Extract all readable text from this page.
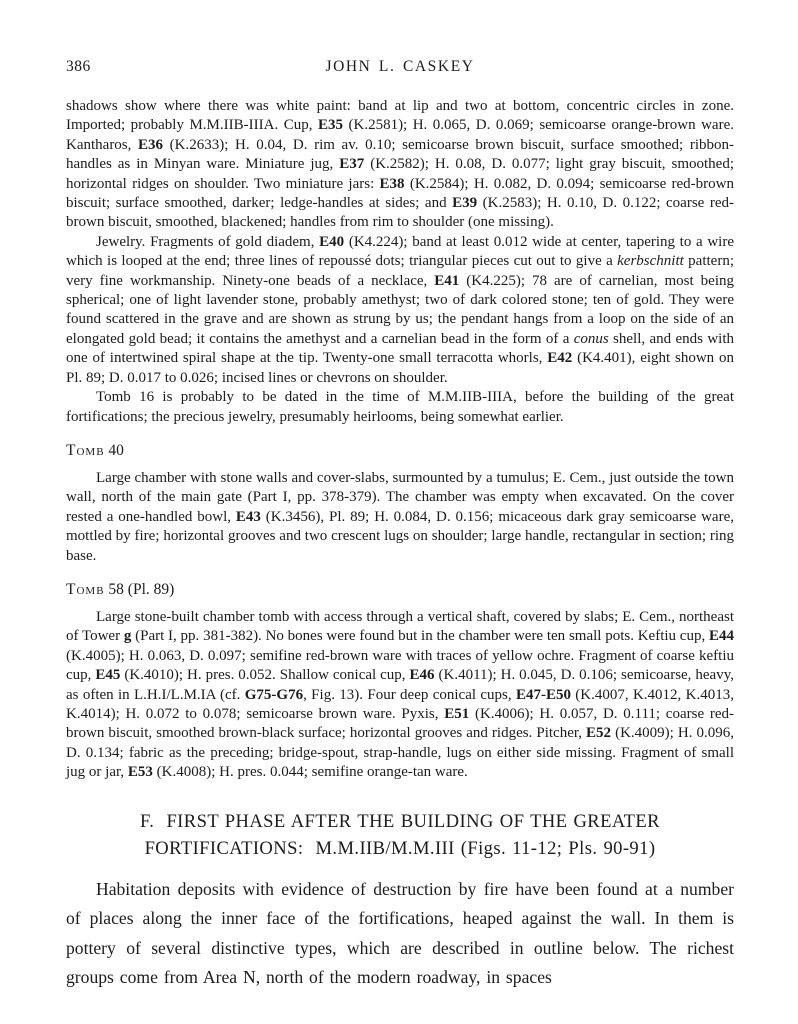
386	JOHN L. CASKEY

shadows show where there was white paint: band at lip and two at bottom, concentric circles in zone. Imported; probably M.M.IIB-IIIA. Cup, E35 (K.2581); H. 0.065, D. 0.069; semicoarse orange-brown ware. Kantharos, E36 (K.2633); H. 0.04, D. rim av. 0.10; semicoarse brown biscuit, surface smoothed; ribbon-handles as in Minyan ware. Miniature jug, E37 (K.2582); H. 0.08, D. 0.077; light gray biscuit, smoothed; horizontal ridges on shoulder. Two miniature jars: E38 (K.2584); H. 0.082, D. 0.094; semicoarse red-brown biscuit; surface smoothed, darker; ledge-handles at sides; and E39 (K.2583); H. 0.10, D. 0.122; coarse red-brown biscuit, smoothed, blackened; handles from rim to shoulder (one missing).

Jewelry. Fragments of gold diadem, E40 (K4.224); band at least 0.012 wide at center, tapering to a wire which is looped at the end; three lines of repoussé dots; triangular pieces cut out to give a kerbschnitt pattern; very fine workmanship. Ninety-one beads of a necklace, E41 (K4.225); 78 are of carnelian, most being spherical; one of light lavender stone, probably amethyst; two of dark colored stone; ten of gold. They were found scattered in the grave and are shown as strung by us; the pendant hangs from a loop on the side of an elongated gold bead; it contains the amethyst and a carnelian bead in the form of a conus shell, and ends with one of intertwined spiral shape at the tip. Twenty-one small terracotta whorls, E42 (K4.401), eight shown on Pl. 89; D. 0.017 to 0.026; incised lines or chevrons on shoulder.

Tomb 16 is probably to be dated in the time of M.M.IIB-IIIA, before the building of the great fortifications; the precious jewelry, presumably heirlooms, being somewhat earlier.

Tomb 40

Large chamber with stone walls and cover-slabs, surmounted by a tumulus; E. Cem., just outside the town wall, north of the main gate (Part I, pp. 378-379). The chamber was empty when excavated. On the cover rested a one-handled bowl, E43 (K.3456), Pl. 89; H. 0.084, D. 0.156; micaceous dark gray semicoarse ware, mottled by fire; horizontal grooves and two crescent lugs on shoulder; large handle, rectangular in section; ring base.

Tomb 58 (Pl. 89)

Large stone-built chamber tomb with access through a vertical shaft, covered by slabs; E. Cem., northeast of Tower g (Part I, pp. 381-382). No bones were found but in the chamber were ten small pots. Keftiu cup, E44 (K.4005); H. 0.063, D. 0.097; semifine red-brown ware with traces of yellow ochre. Fragment of coarse keftiu cup, E45 (K.4010); H. pres. 0.052. Shallow conical cup, E46 (K.4011); H. 0.045, D. 0.106; semicoarse, heavy, as often in L.H.I/L.M.IA (cf. G75-G76, Fig. 13). Four deep conical cups, E47-E50 (K.4007, K.4012, K.4013, K.4014); H. 0.072 to 0.078; semicoarse brown ware. Pyxis, E51 (K.4006); H. 0.057, D. 0.111; coarse red-brown biscuit, smoothed brown-black surface; horizontal grooves and ridges. Pitcher, E52 (K.4009); H. 0.096, D. 0.134; fabric as the preceding; bridge-spout, strap-handle, lugs on either side missing. Fragment of small jug or jar, E53 (K.4008); H. pres. 0.044; semifine orange-tan ware.

F.  FIRST PHASE AFTER THE BUILDING OF THE GREATER
FORTIFICATIONS:  M.M.IIB/M.M.III (Figs. 11-12; Pls. 90-91)

Habitation deposits with evidence of destruction by fire have been found at a number of places along the inner face of the fortifications, heaped against the wall. In them is pottery of several distinctive types, which are described in outline below. The richest groups come from Area N, north of the modern roadway, in spaces
